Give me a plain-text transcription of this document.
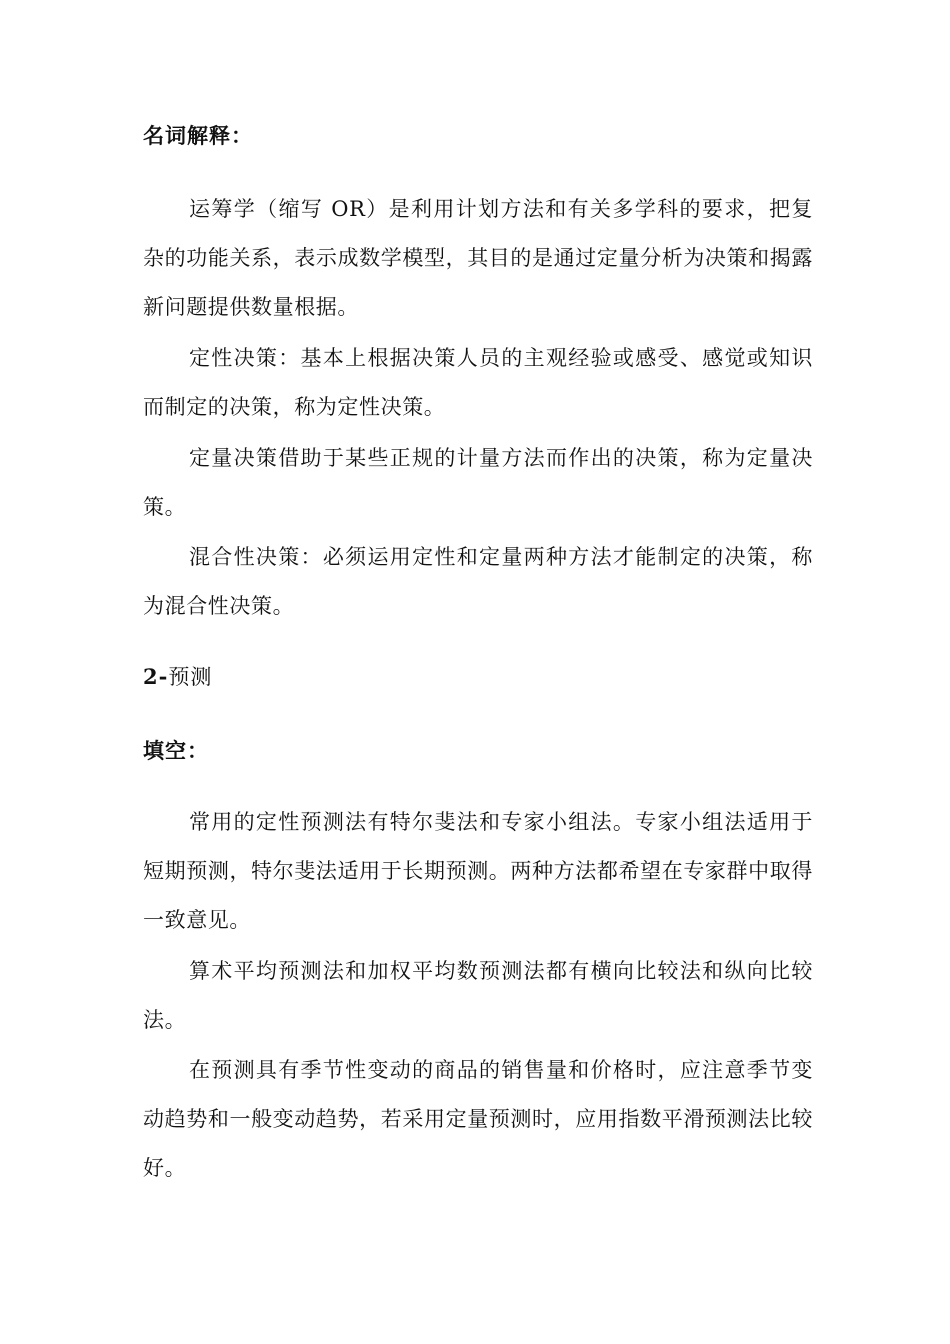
名词解释：

运筹学（缩写 OR）是利用计划方法和有关多学科的要求，把复杂的功能关系，表示成数学模型，其目的是通过定量分析为决策和揭露新问题提供数量根据。

定性决策：基本上根据决策人员的主观经验或感受、感觉或知识而制定的决策，称为定性决策。

定量决策借助于某些正规的计量方法而作出的决策，称为定量决策。

混合性决策：必须运用定性和定量两种方法才能制定的决策，称为混合性决策。

2-预测
填空：

常用的定性预测法有特尔斐法和专家小组法。专家小组法适用于短期预测，特尔斐法适用于长期预测。两种方法都希望在专家群中取得一致意见。

算术平均预测法和加权平均数预测法都有横向比较法和纵向比较法。

在预测具有季节性变动的商品的销售量和价格时，应注意季节变动趋势和一般变动趋势，若采用定量预测时，应用指数平滑预测法比较好。
